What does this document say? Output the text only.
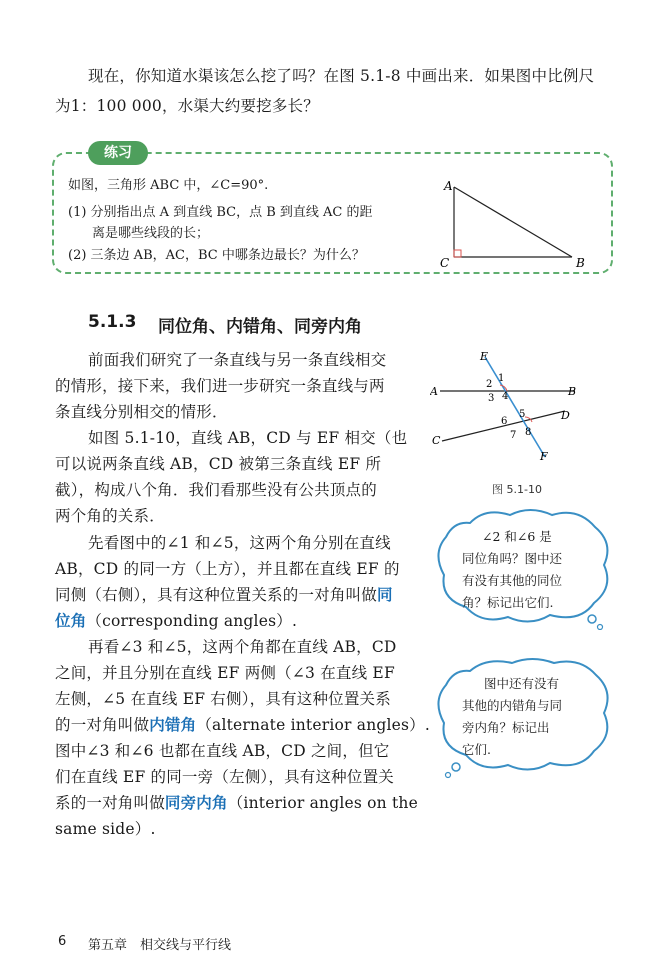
现在，你知道水渠该怎么挖了吗？在图 5.1-8 中画出来．如果图中比例尺
为1：100 000，水渠大约要挖多长？
练习
如图，三角形 ABC 中，∠C=90°.
(1) 分别指出点 A 到直线 BC，点 B 到直线 AC 的距
离是哪些线段的长；
(2) 三条边 AB，AC，BC 中哪条边最长？为什么？
A
C	B
5.1.3 同位角、内错角、同旁内角
前面我们研究了一条直线与另一条直线相交
的情形，接下来，我们进一步研究一条直线与两
条直线分别相交的情形．
如图 5.1-10，直线 AB，CD 与 EF 相交（也
可以说两条直线 AB，CD 被第三条直线 EF 所
截），构成八个角．我们看那些没有公共顶点的
两个角的关系．
先看图中的∠1 和∠5，这两个角分别在直线
AB，CD 的同一方（上方），并且都在直线 EF 的
同侧（右侧），具有这种位置关系的一对角叫做同
位角（corresponding angles）.
再看∠3 和∠5，这两个角都在直线 AB，CD
之间，并且分别在直线 EF 两侧（∠3 在直线 EF
左侧，∠5 在直线 EF 右侧），具有这种位置关系
的一对角叫做内错角（alternate interior angles）.
图中∠3 和∠6 也都在直线 AB，CD 之间，但它
们在直线 EF 的同一旁（左侧），具有这种位置关
系的一对角叫做同旁内角（interior angles on the
same side）.
E
F
A	B
C
D
1
2
3 4
5
6
7 8
图 5.1-10
∠2 和∠6 是
同位角吗？图中还
有没有其他的同位
角？标记出它们.
图中还有没有
其他的内错角与同
旁内角？标记出
它们.
6 第五章　相交线与平行线
